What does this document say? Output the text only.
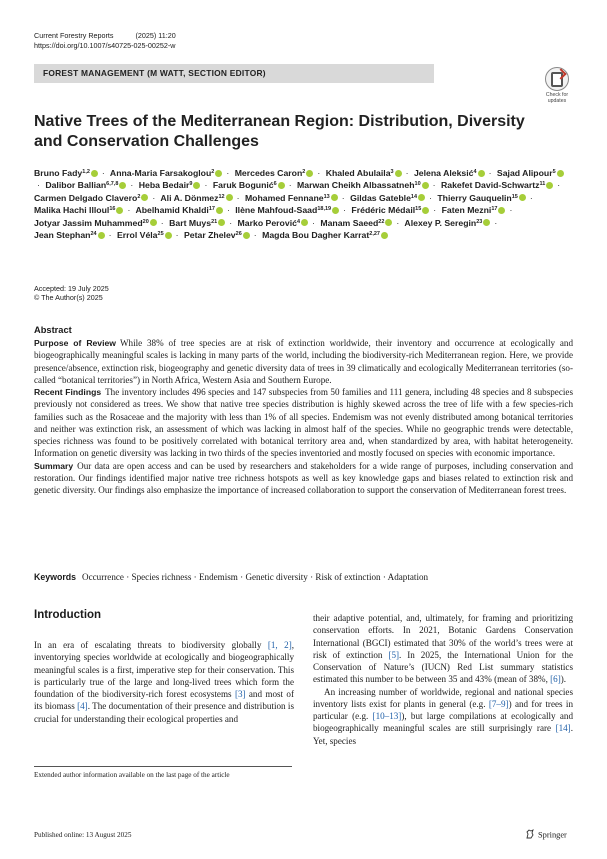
Current Forestry Reports	(2025) 11:20
https://doi.org/10.1007/s40725-025-00252-w
FOREST MANAGEMENT (M WATT, SECTION EDITOR)
Check for
updates
Native Trees of the Mediterranean Region: Distribution, Diversity and Conservation Challenges
Bruno Fady$^{1,2}$ · Anna-Maria Farsakoglou$^2$ · Mercedes Caron$^2$ · Khaled Abulaila$^3$ · Jelena Aleksić$^4$ · Sajad Alipour$^5$· Dalibor Ballian$^{6,7,8}$ · Heba Bedair$^9$ · Faruk Bogunić$^6$ · Marwan Cheikh Albassatneh$^{10}$ · Rakefet David-Schwartz$^{11}$ · Carmen Delgado Clavero$^2$ · Ali A. Dönmez$^{12}$ · Mohamed Fennane$^{13}$ · Gildas Gateble$^{14}$ · Thierry Gauquelin$^{15}$ · Malika Hachi Illoul$^{16}$ · Abelhamid Khaldi$^{17}$ · Ilène Mahfoud-Saad$^{18,19}$ · Frédéric Médail$^{15}$ · Faten Mezni$^{17}$ · Jotyar Jassim Muhammed$^{20}$ · Bart Muys$^{21}$ · Marko Perović$^4$ · Manam Saeed$^{22}$ · Alexey P. Seregin$^{23}$ · Jean Stephan$^{24}$ · Errol Véla$^{25}$ · Petar Zhelev$^{26}$ · Magda Bou Dagher Karrat$^{2,27}$
Accepted: 19 July 2025
© The Author(s) 2025
Abstract

Purpose of Review While 38% of tree species are at risk of extinction worldwide, their inventory and occurrence at ecologically and biogeographically meaningful scales is lacking in many parts of the world, including the biodiversity-rich Mediterranean region. Here, we provide presence/absence, extinction risk, biogeography and genetic diversity data of trees in 39 climatically and ecologically Mediterranean territories (so-called “botanical territories”) in North Africa, Western Asia and Southern Europe.

Recent Findings The inventory includes 496 species and 147 subspecies from 50 families and 111 genera, including 48 species and 8 subspecies previously not considered as trees. We show that native tree species distribution is highly skewed across the tree of life with a few species-rich families such as the Rosaceae and the majority with less than 1% of all species. Endemism was not evenly distributed among botanical territories and neither was extinction risk, an assessment of which was lacking in almost half of the species. While no geographic trends were detectable, species richness was found to be positively correlated with botanical territory area and, when standardized by area, with habitat heterogeneity. Information on genetic diversity was lacking in two thirds of the species inventoried and mostly focused on species with economic importance.

Summary Our data are open access and can be used by researchers and stakeholders for a wide range of purposes, including conservation and restoration. Our findings identified major native tree richness hotspots as well as key knowledge gaps and biases related to extinction risk and genetic diversity. Our findings also emphasize the importance of increased collaboration to support the conservation of Mediterranean forest trees.

Keywords Occurrence · Species richness · Endemism · Genetic diversity · Risk of extinction · Adaptation
Introduction

In an era of escalating threats to biodiversity globally [1, 2], inventorying species worldwide at ecologically and biogeographically meaningful scales is a first, imperative step for their conservation. This is particularly true of the large and long-lived trees which form the foundation of the biodiversity-rich forest ecosystems [3] and most of its biomass [4]. The documentation of their presence and distribution is crucial for understanding their ecological properties and

their adaptive potential, and, ultimately, for framing and prioritizing conservation efforts. In 2021, Botanic Gardens Conservation International (BGCI) estimated that 30% of the world’s trees were at risk of extinction [5]. In 2025, the International Union for the Conservation of Nature’s (IUCN) Red List summary statistics estimated this number to be between 35 and 43% (mean of 38%, [6]).

An increasing number of worldwide, regional and national species inventory lists exist for plants in general (e.g. [7–9]) and for trees in particular (e.g. [10–13]), but large compilations at ecologically and biogeographically meaningful scales are still surprisingly rare [14]. Yet, species

Extended author information available on the last page of the article
Published online: 13 August 2025	Springer
